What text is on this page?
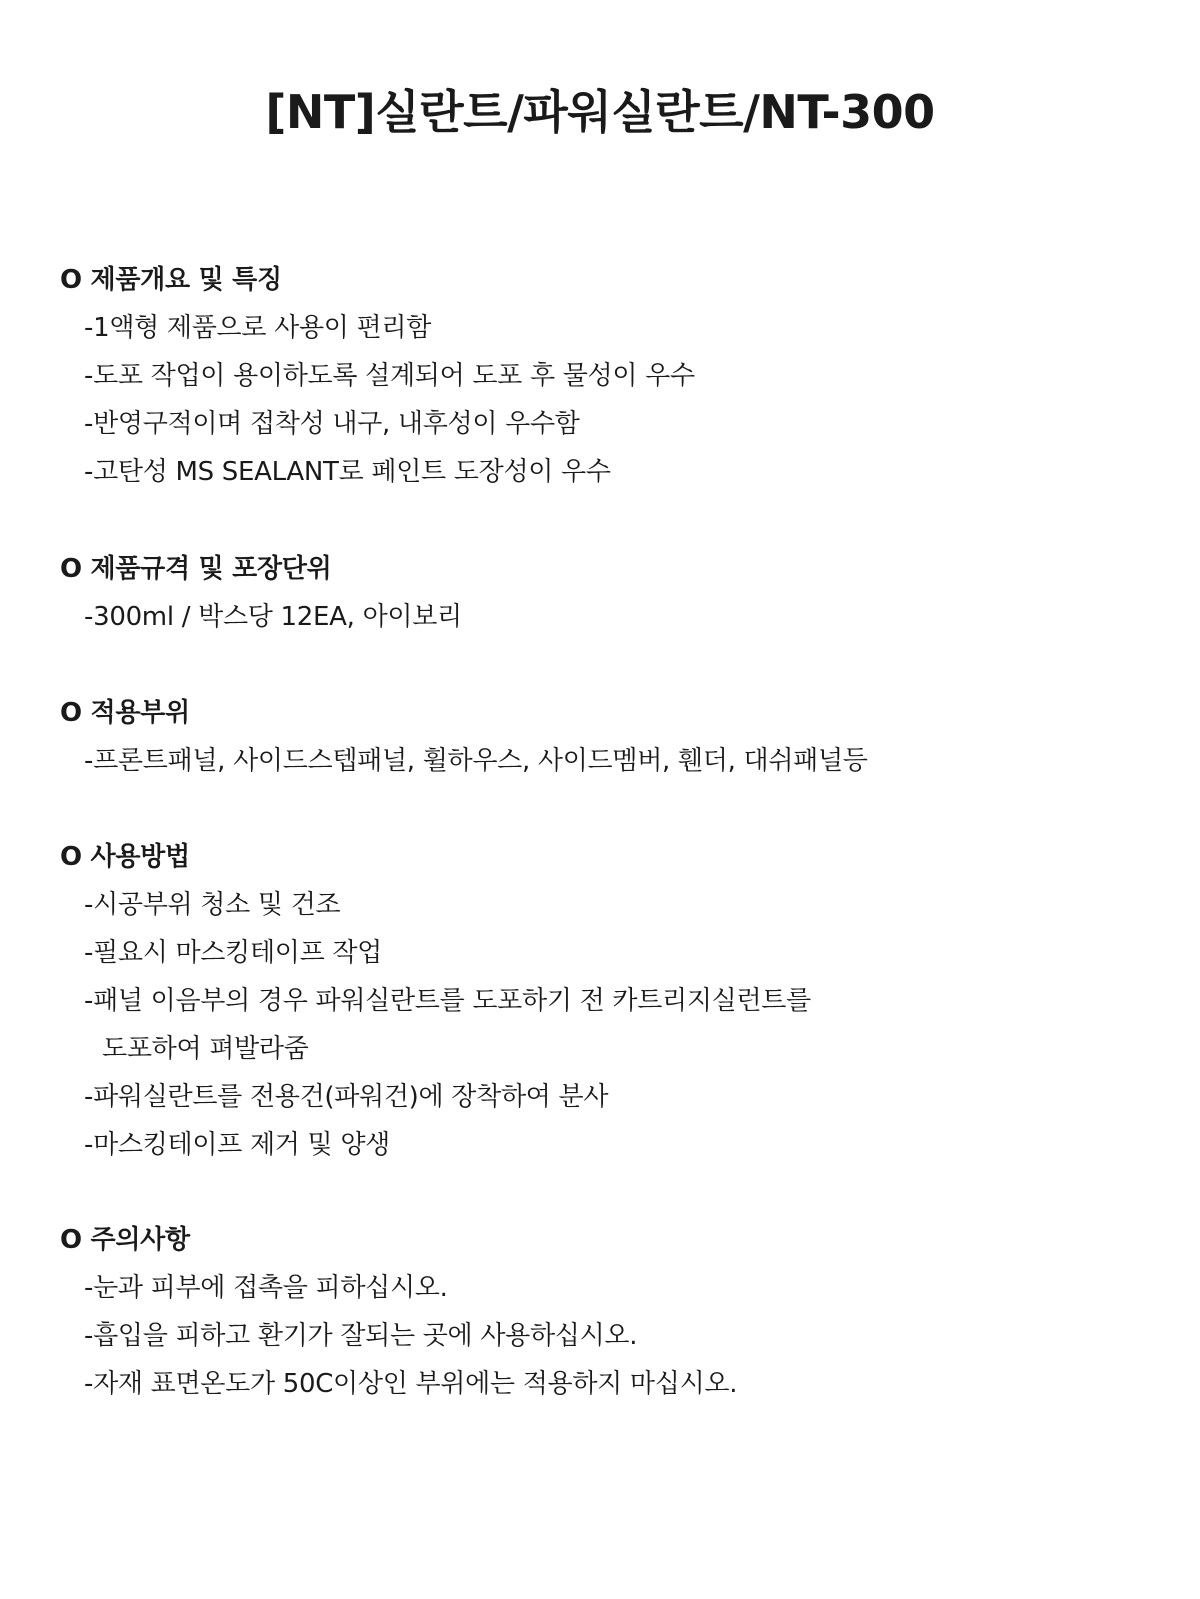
[NT]실란트/파워실란트/NT-300
O 제품개요 및 특징
-1액형 제품으로 사용이 편리함
-도포 작업이 용이하도록 설계되어 도포 후 물성이 우수
-반영구적이며 접착성 내구, 내후성이 우수함
-고탄성 MS SEALANT로 페인트 도장성이 우수
O 제품규격 및 포장단위
-300ml / 박스당 12EA, 아이보리
O 적용부위
-프론트패널, 사이드스텝패널, 휠하우스, 사이드멤버, 휀더, 대쉬패널등
O 사용방법
-시공부위 청소 및 건조
-필요시 마스킹테이프 작업
-패널 이음부의 경우 파워실란트를 도포하기 전 카트리지실런트를
도포하여 펴발라줌
-파워실란트를 전용건(파워건)에 장착하여 분사
-마스킹테이프 제거 및 양생
O 주의사항
-눈과 피부에 접촉을 피하십시오.
-흡입을 피하고 환기가 잘되는 곳에 사용하십시오.
-자재 표면온도가 50C이상인 부위에는 적용하지 마십시오.
